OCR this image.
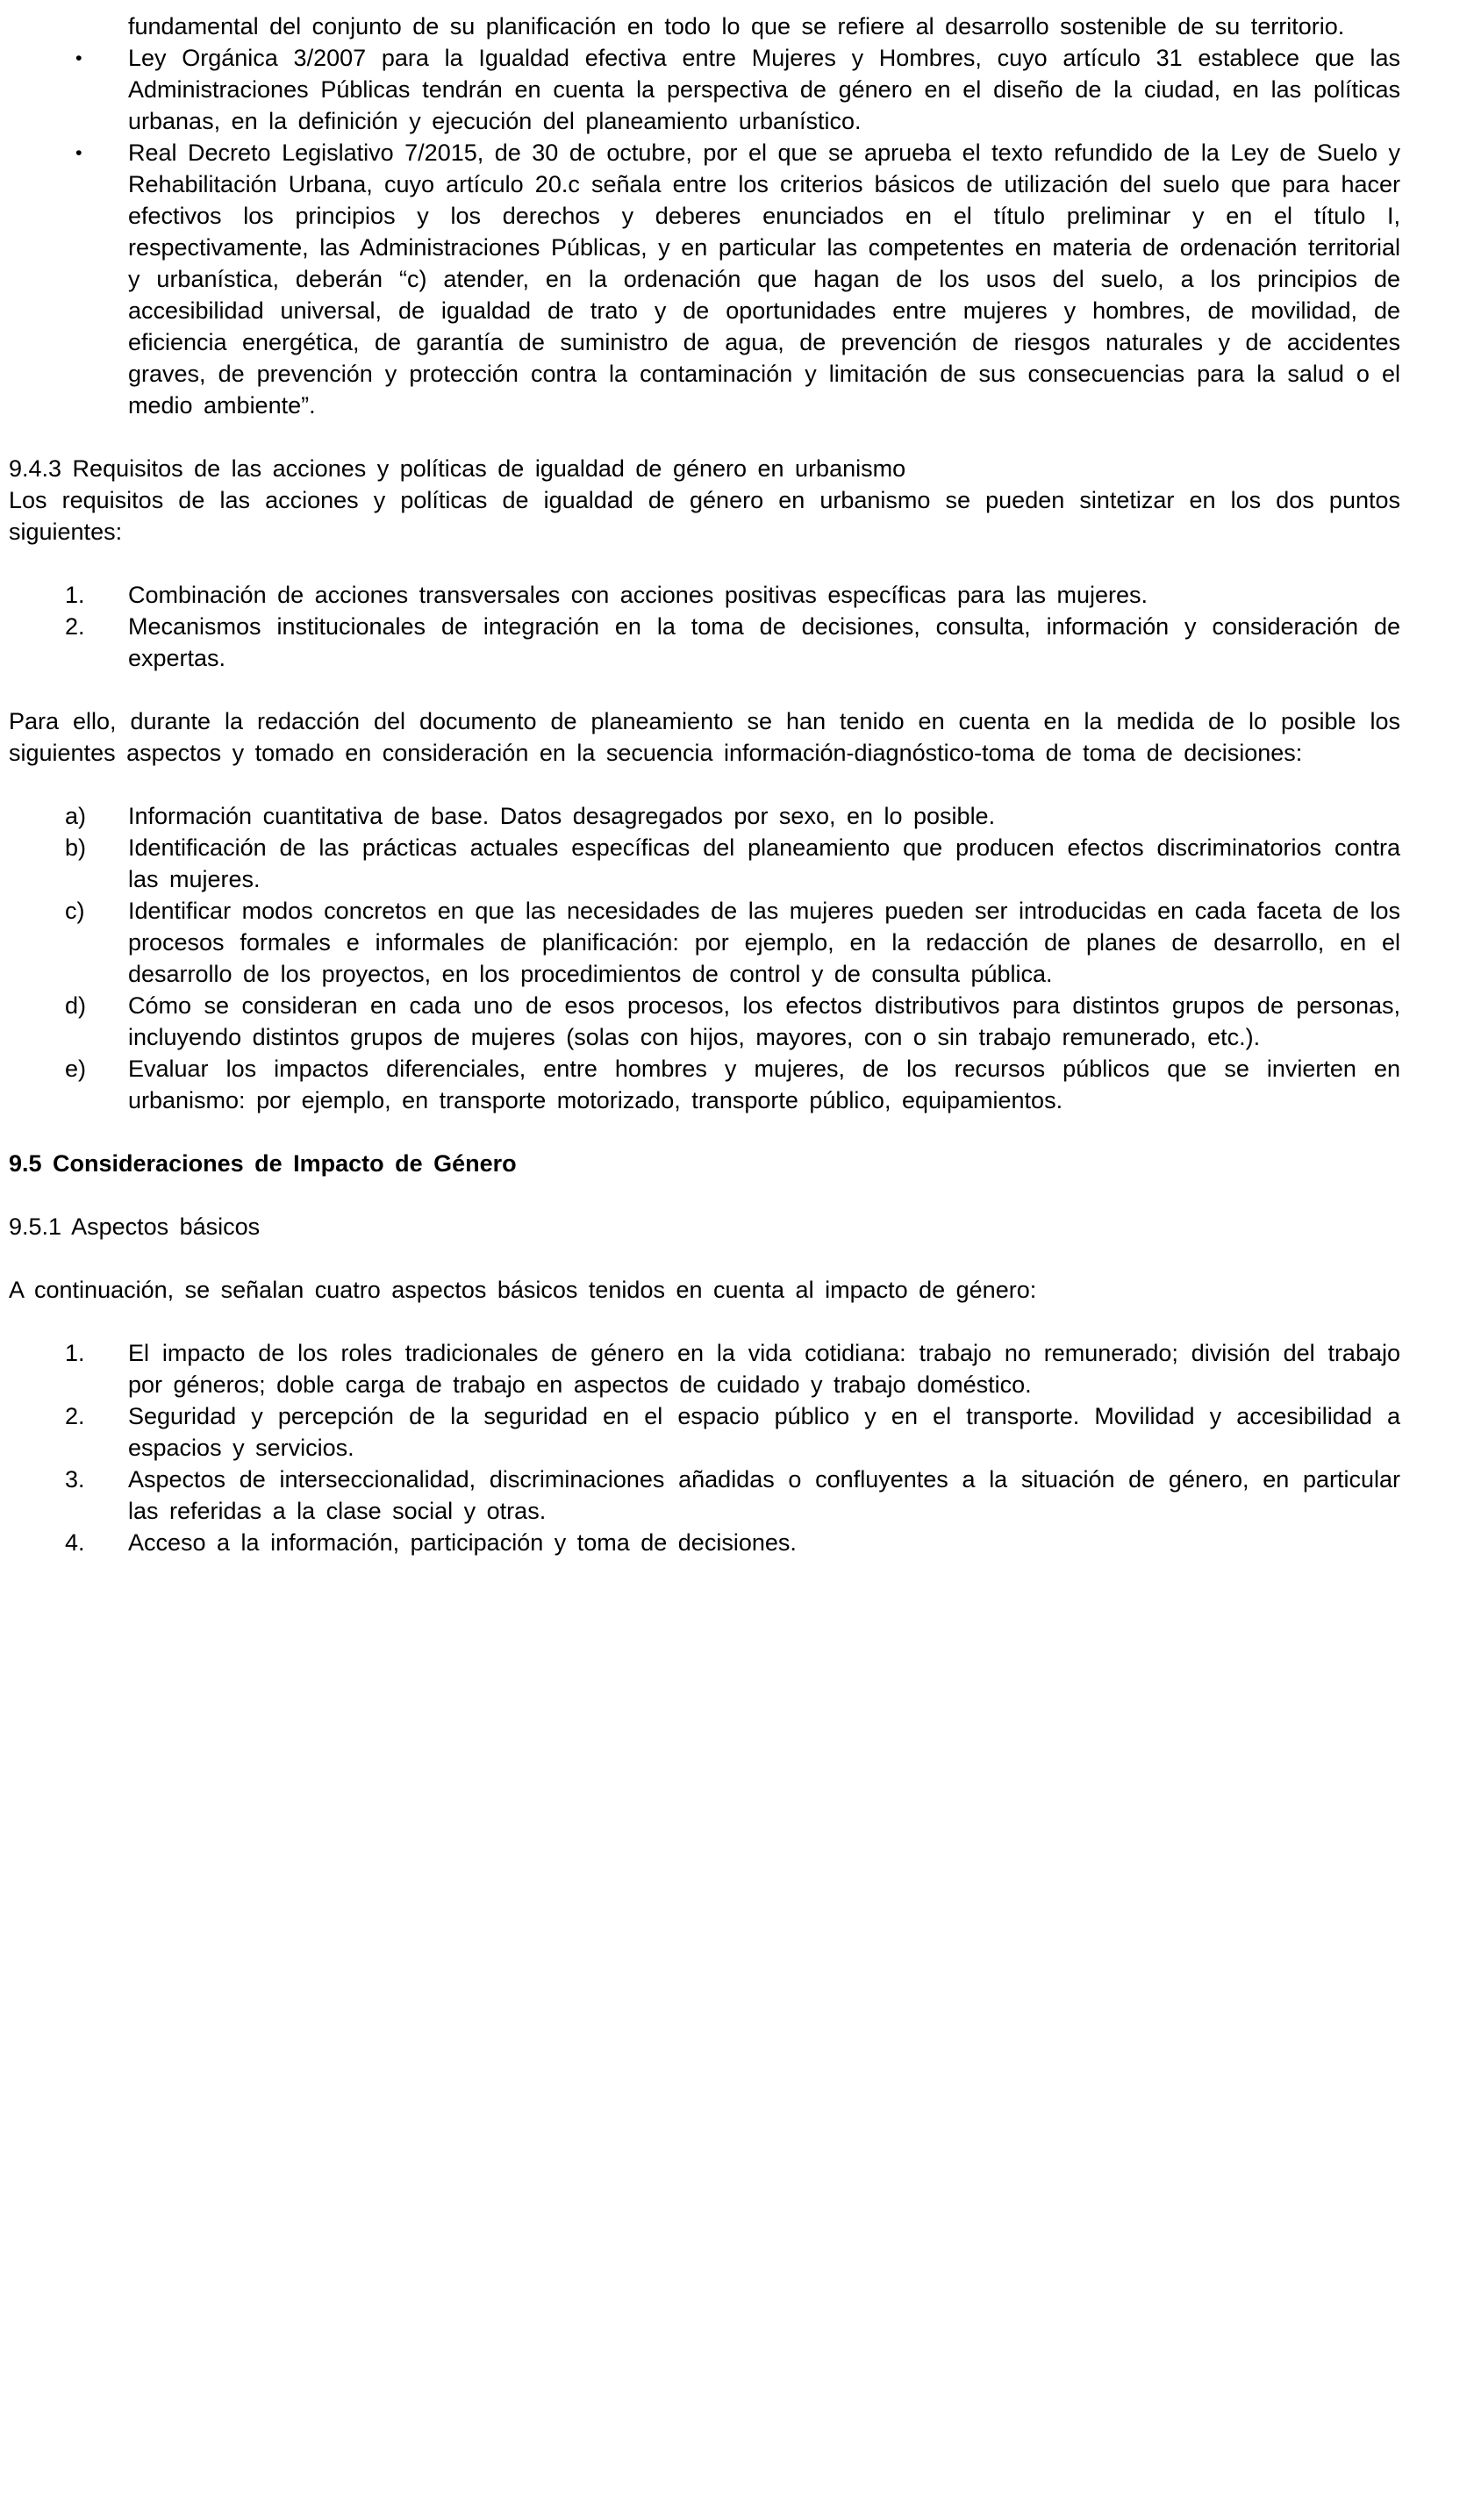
fundamental del conjunto de su planificación en todo lo que se refiere al desarrollo sostenible de su territorio.

• Ley Orgánica 3/2007 para la Igualdad efectiva entre Mujeres y Hombres, cuyo artículo 31 establece que las Administraciones Públicas tendrán en cuenta la perspectiva de género en el diseño de la ciudad, en las políticas urbanas, en la definición y ejecución del planeamiento urbanístico.
• Real Decreto Legislativo 7/2015, de 30 de octubre, por el que se aprueba el texto refundido de la Ley de Suelo y Rehabilitación Urbana, cuyo artículo 20.c señala entre los criterios básicos de utilización del suelo que para hacer efectivos los principios y los derechos y deberes enunciados en el título preliminar y en el título I, respectivamente, las Administraciones Públicas, y en particular las competentes en materia de ordenación territorial y urbanística, deberán “c) atender, en la ordenación que hagan de los usos del suelo, a los principios de accesibilidad universal, de igualdad de trato y de oportunidades entre mujeres y hombres, de movilidad, de eficiencia energética, de garantía de suministro de agua, de prevención de riesgos naturales y de accidentes graves, de prevención y protección contra la contaminación y limitación de sus consecuencias para la salud o el medio ambiente”.

9.4.3 Requisitos de las acciones y políticas de igualdad de género en urbanismo

Los requisitos de las acciones y políticas de igualdad de género en urbanismo se pueden sintetizar en los dos puntos siguientes:

1. Combinación de acciones transversales con acciones positivas específicas para las mujeres.
2. Mecanismos institucionales de integración en la toma de decisiones, consulta, información y consideración de expertas.

Para ello, durante la redacción del documento de planeamiento se han tenido en cuenta en la medida de lo posible los siguientes aspectos y tomado en consideración en la secuencia información-diagnóstico-toma de toma de decisiones:

a) Información cuantitativa de base. Datos desagregados por sexo, en lo posible.
b) Identificación de las prácticas actuales específicas del planeamiento que producen efectos discriminatorios contra las mujeres.
c) Identificar modos concretos en que las necesidades de las mujeres pueden ser introducidas en cada faceta de los procesos formales e informales de planificación: por ejemplo, en la redacción de planes de desarrollo, en el desarrollo de los proyectos, en los procedimientos de control y de consulta pública.
d) Cómo se consideran en cada uno de esos procesos, los efectos distributivos para distintos grupos de personas, incluyendo distintos grupos de mujeres (solas con hijos, mayores, con o sin trabajo remunerado, etc.).
e) Evaluar los impactos diferenciales, entre hombres y mujeres, de los recursos públicos que se invierten en urbanismo: por ejemplo, en transporte motorizado, transporte público, equipamientos.

9.5 Consideraciones de Impacto de Género

9.5.1 Aspectos básicos

A continuación, se señalan cuatro aspectos básicos tenidos en cuenta al impacto de género:

1. El impacto de los roles tradicionales de género en la vida cotidiana: trabajo no remunerado; división del trabajo por géneros; doble carga de trabajo en aspectos de cuidado y trabajo doméstico.
2. Seguridad y percepción de la seguridad en el espacio público y en el transporte. Movilidad y accesibilidad a espacios y servicios.
3. Aspectos de interseccionalidad, discriminaciones añadidas o confluyentes a la situación de género, en particular las referidas a la clase social y otras.
4. Acceso a la información, participación y toma de decisiones.
